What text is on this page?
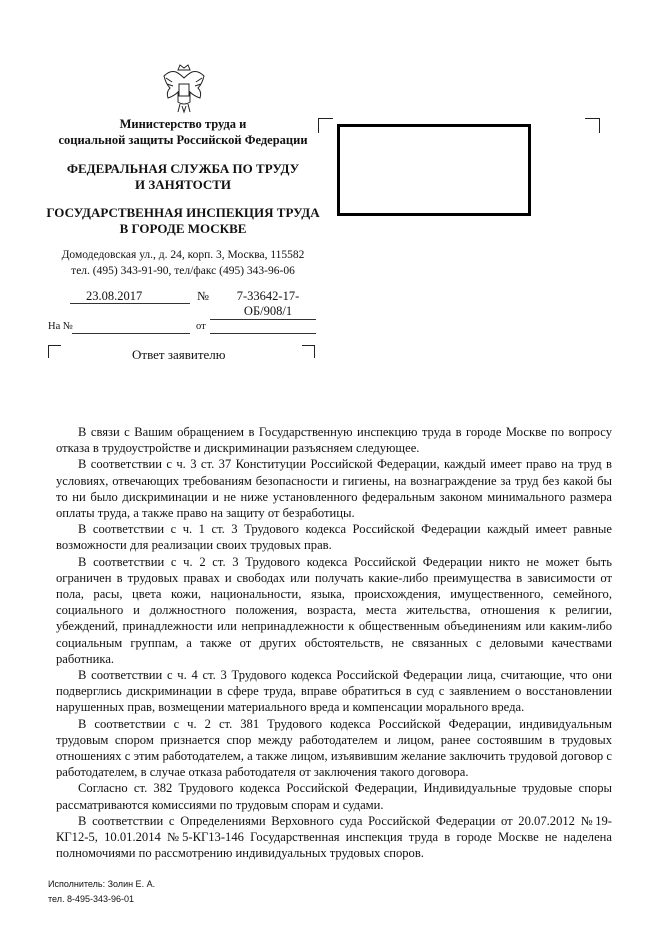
Министерство труда и
социальной защиты Российской Федерации
ФЕДЕРАЛЬНАЯ СЛУЖБА ПО ТРУДУ
И ЗАНЯТОСТИ
ГОСУДАРСТВЕННАЯ ИНСПЕКЦИЯ ТРУДА
В ГОРОДЕ МОСКВЕ
Домодедовская ул., д. 24, корп. 3, Москва, 115582
тел. (495) 343-91-90, тел/факс (495) 343-96-06
23.08.2017	№	7-33642-17-
ОБ/908/1
На №	от
Ответ заявителю

В связи с Вашим обращением в Государственную инспекцию труда в городе Москве по вопросу отказа в трудоустройстве и дискриминации разъясняем следующее.

В соответствии с ч. 3 ст. 37 Конституции Российской Федерации, каждый имеет право на труд в условиях, отвечающих требованиям безопасности и гигиены, на вознаграждение за труд без какой бы то ни было дискриминации и не ниже установленного федеральным законом минимального размера оплаты труда, а также право на защиту от безработицы.

В соответствии с ч. 1 ст. 3 Трудового кодекса Российской Федерации каждый имеет равные возможности для реализации своих трудовых прав.

В соответствии с ч. 2 ст. 3 Трудового кодекса Российской Федерации никто не может быть ограничен в трудовых правах и свободах или получать какие-либо преимущества в зависимости от пола, расы, цвета кожи, национальности, языка, происхождения, имущественного, семейного, социального и должностного положения, возраста, места жительства, отношения к религии, убеждений, принадлежности или непринадлежности к общественным объединениям или каким-либо социальным группам, а также от других обстоятельств, не связанных с деловыми качествами работника.

В соответствии с ч. 4 ст. 3 Трудового кодекса Российской Федерации лица, считающие, что они подверглись дискриминации в сфере труда, вправе обратиться в суд с заявлением о восстановлении нарушенных прав, возмещении материального вреда и компенсации морального вреда.

В соответствии с ч. 2 ст. 381 Трудового кодекса Российской Федерации, индивидуальным трудовым спором признается спор между работодателем и лицом, ранее состоявшим в трудовых отношениях с этим работодателем, а также лицом, изъявившим желание заключить трудовой договор с работодателем, в случае отказа работодателя от заключения такого договора.

Согласно ст. 382 Трудового кодекса Российской Федерации, Индивидуальные трудовые споры рассматриваются комиссиями по трудовым спорам и судами.

В соответствии с Определениями Верховного суда Российской Федерации от 20.07.2012 №19-КГ12-5, 10.01.2014 №5-КГ13-146 Государственная инспекция труда в городе Москве не наделена полномочиями по рассмотрению индивидуальных трудовых споров.

Исполнитель: Золин Е. А.
тел. 8-495-343-96-01
